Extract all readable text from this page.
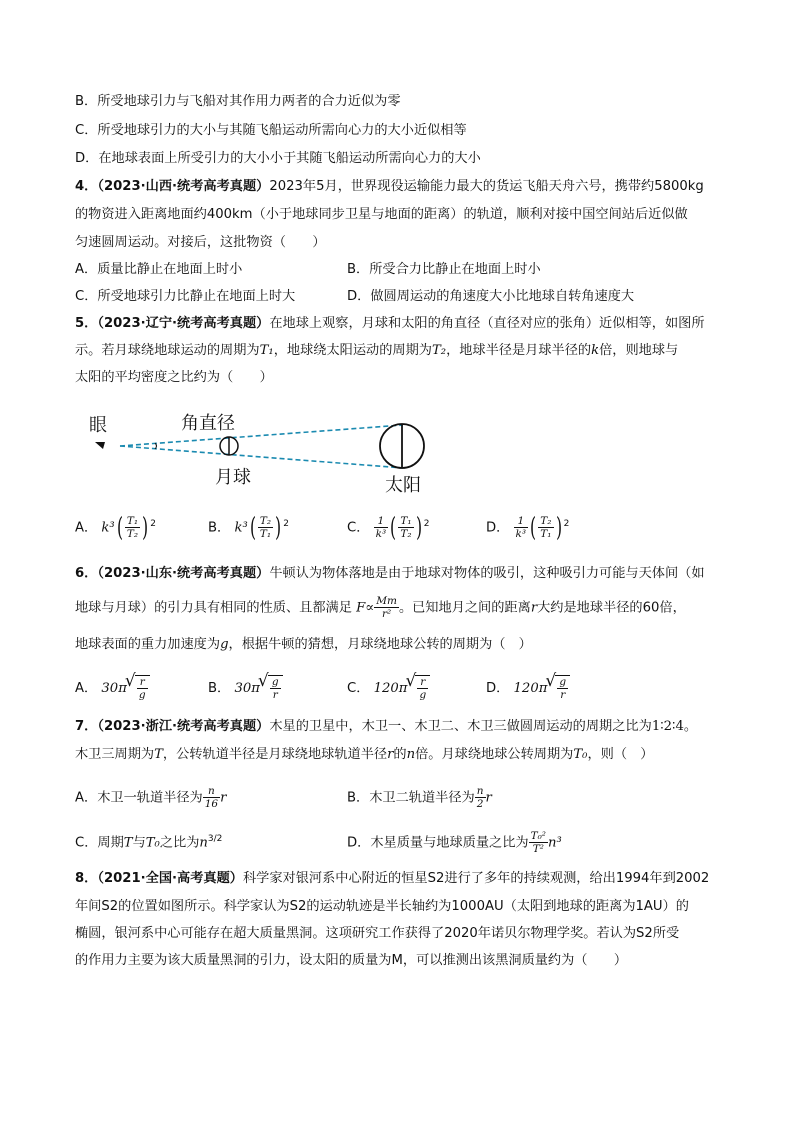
B．所受地球引力与飞船对其作用力两者的合力近似为零
C．所受地球引力的大小与其随飞船运动所需向心力的大小近似相等
D．在地球表面上所受引力的大小小于其随飞船运动所需向心力的大小
4．（2023·山西·统考高考真题）2023年5月，世界现役运输能力最大的货运飞船天舟六号，携带约5800kg
的物资进入距离地面约400km（小于地球同步卫星与地面的距离）的轨道，顺利对接中国空间站后近似做
匀速圆周运动。对接后，这批物资（　　）
A．质量比静止在地面上时小	B．所受合力比静止在地面上时小
C．所受地球引力比静止在地面上时大	D．做圆周运动的角速度大小比地球自转角速度大
5．（2023·辽宁·统考高考真题）在地球上观察，月球和太阳的角直径（直径对应的张角）近似相等，如图所
示。若月球绕地球运动的周期为T₁，地球绕太阳运动的周期为T₂，地球半径是月球半径的k倍，则地球与
太阳的平均密度之比约为（　　）
眼	角直径
月球	太阳
A． $k^3( \frac{\text{T₁}}{\text{T₂}}$ ) $^2$	B． $k^3( \frac{\text{T₂}}{\text{T₁}}$ ) $^2$	C． $\frac{1}{\text{k³}}$ ( $\frac{\text{T₁}}{\text{T₂}}$ ) $^2$	D． $\frac{1}{\text{k³}}$ ( $\frac{\text{T₂}}{\text{T₁}}$ ) $^2$
6．（2023·山东·统考高考真题）牛顿认为物体落地是由于地球对物体的吸引，这种吸引力可能与天体间（如
地球与月球）的引力具有相同的性质、且都满足 $F\propto \frac{Mm}{\text{r²}}$ 。已知地月之间的距离r大约是地球半径的60倍，
地球表面的重力加速度为g，根据牛顿的猜想，月球绕地球公转的周期为（　）
A． 30π √ $\frac{r}{g}$	B． 30π √ $\frac{g}{r}$	C． 120π √ $\frac{r}{g}$	D． 120π √ $\frac{g}{r}$
7．（2023·浙江·统考高考真题）木星的卫星中，木卫一、木卫二、木卫三做圆周运动的周期之比为1∶2∶4。
木卫三周期为T，公转轨道半径是月球绕地球轨道半径r的n倍。月球绕地球公转周期为T₀，则（　）
A．木卫一轨道半径为 $\frac{n}{16}$ r	B．木卫二轨道半径为 $\frac{n}{2}$ r
C．周期T与T₀之比为$n^{3/2}$	D．木星质量与地球质量之比为 $\frac{\text{T₀²}}{\text{T²}} n^3$
8．（2021·全国·高考真题）科学家对银河系中心附近的恒星S2进行了多年的持续观测，给出1994年到2002
年间S2的位置如图所示。科学家认为S2的运动轨迹是半长轴约为1000AU（太阳到地球的距离为1AU）的
椭圆，银河系中心可能存在超大质量黑洞。这项研究工作获得了2020年诺贝尔物理学奖。若认为S2所受
的作用力主要为该大质量黑洞的引力，设太阳的质量为M，可以推测出该黑洞质量约为（　　）
